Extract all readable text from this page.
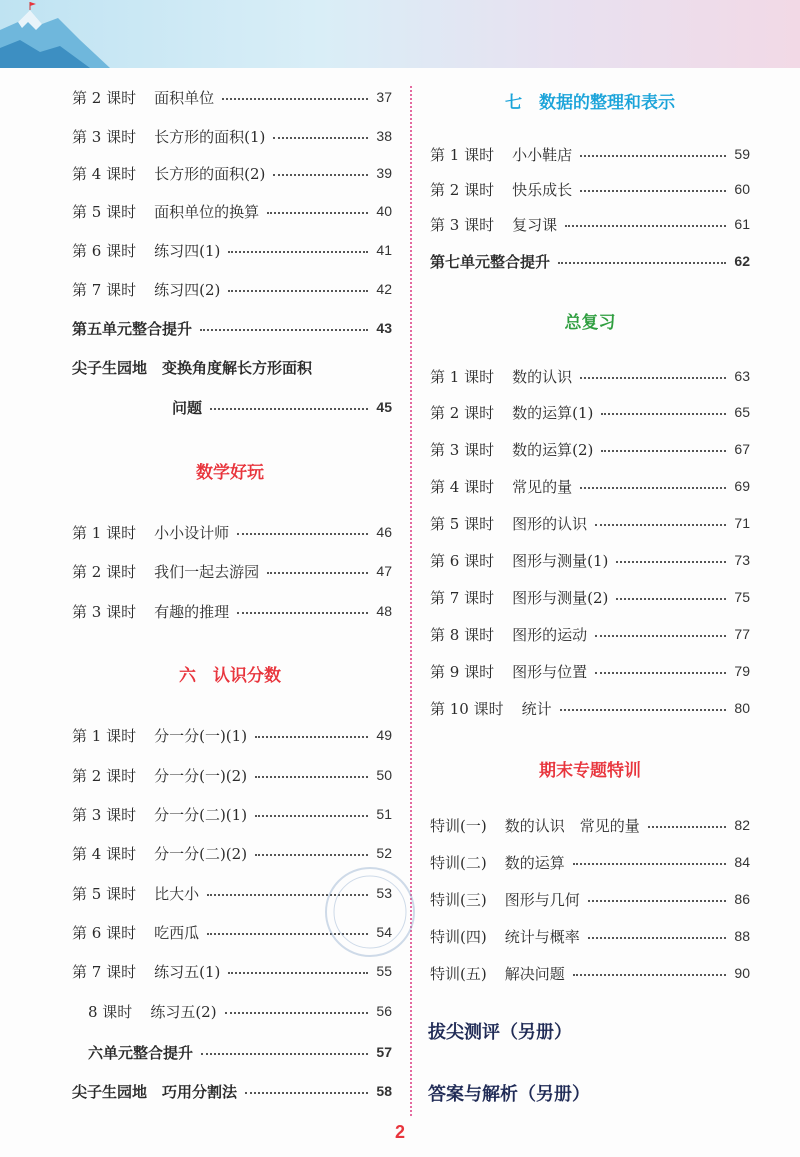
第 2 课时 面积单位	37
第 3 课时 长方形的面积(1)	38
第 4 课时 长方形的面积(2)	39
第 5 课时 面积单位的换算	40
第 6 课时 练习四(1)	41
第 7 课时 练习四(2)	42
第五单元整合提升	43
尖子生园地　变换角度解长方形面积
问题	45
数学好玩
第 1 课时 小小设计师	46
第 2 课时 我们一起去游园	47
第 3 课时 有趣的推理	48
六　认识分数
第 1 课时 分一分(一)(1)	49
第 2 课时 分一分(一)(2)	50
第 3 课时 分一分(二)(1)	51
第 4 课时 分一分(二)(2)	52
第 5 课时 比大小	53
第 6 课时 吃西瓜	54
第 7 课时 练习五(1)	55
8 课时 练习五(2)	56
六单元整合提升	57
尖子生园地　巧用分割法	58
七　数据的整理和表示
第 1 课时 小小鞋店	59
第 2 课时 快乐成长	60
第 3 课时 复习课	61
第七单元整合提升	62
总复习
第 1 课时 数的认识	63
第 2 课时 数的运算(1)	65
第 3 课时 数的运算(2)	67
第 4 课时 常见的量	69
第 5 课时 图形的认识	71
第 6 课时 图形与测量(1)	73
第 7 课时 图形与测量(2)	75
第 8 课时 图形的运动	77
第 9 课时 图形与位置	79
第 10 课时 统计	80
期末专题特训
特训(一) 数的认识　常见的量	82
特训(二) 数的运算	84
特训(三) 图形与几何	86
特训(四) 统计与概率	88
特训(五) 解决问题	90
拔尖测评（另册）
答案与解析（另册）
2
